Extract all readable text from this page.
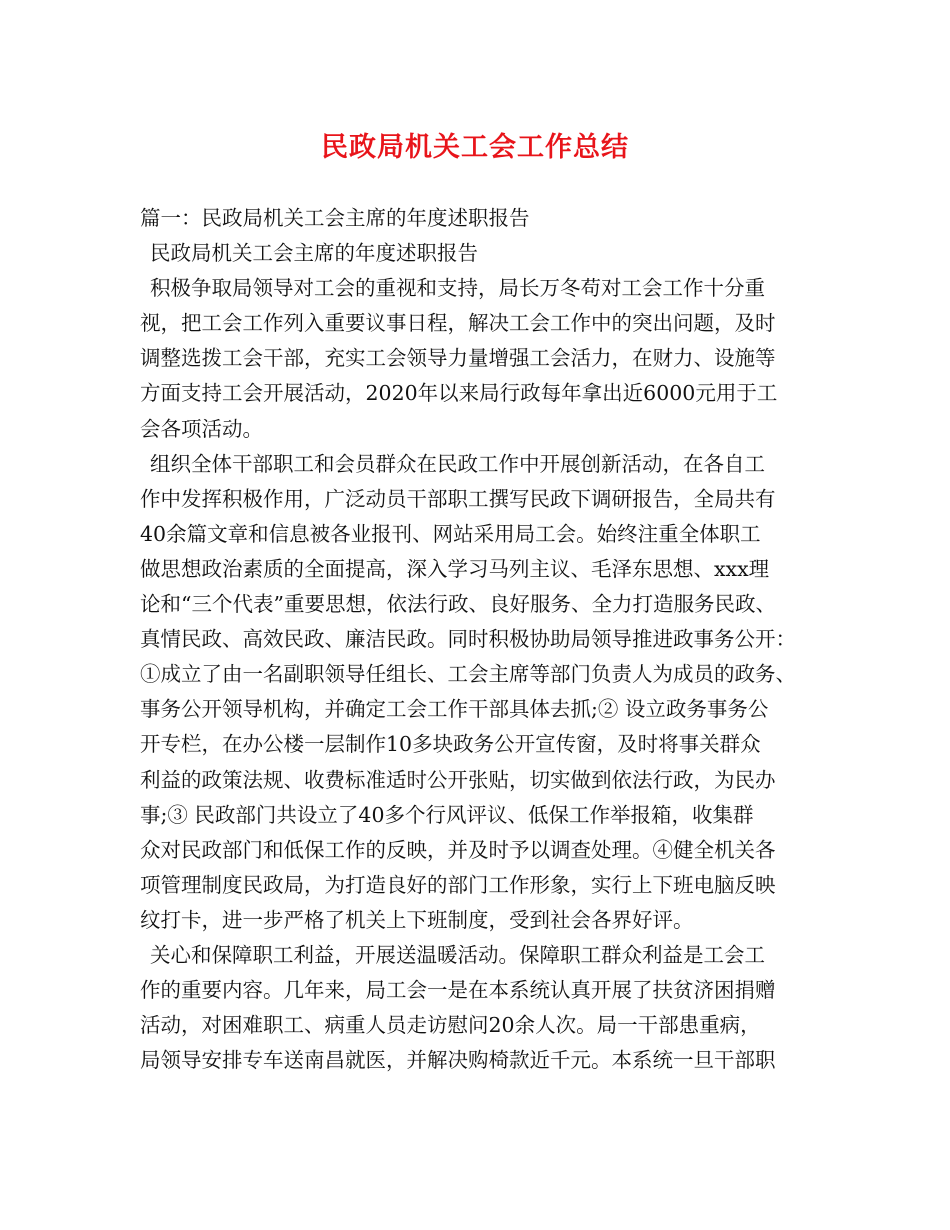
民政局机关工会工作总结
篇一：民政局机关工会主席的年度述职报告
民政局机关工会主席的年度述职报告
积极争取局领导对工会的重视和支持，局长万冬苟对工会工作十分重
视，把工会工作列入重要议事日程，解决工会工作中的突出问题，及时
调整选拨工会干部，充实工会领导力量增强工会活力，在财力、设施等
方面支持工会开展活动，2020年以来局行政每年拿出近6000元用于工
会各项活动。
组织全体干部职工和会员群众在民政工作中开展创新活动，在各自工
作中发挥积极作用，广泛动员干部职工撰写民政下调研报告，全局共有
40余篇文章和信息被各业报刊、网站采用局工会。始终注重全体职工
做思想政治素质的全面提高，深入学习马列主议、毛泽东思想、xxx理
论和“三个代表”重要思想，依法行政、良好服务、全力打造服务民政、
真情民政、高效民政、廉洁民政。同时积极协助局领导推进政事务公开：
①成立了由一名副职领导任组长、工会主席等部门负责人为成员的政务、
事务公开领导机构，并确定工会工作干部具体去抓;② 设立政务事务公
开专栏，在办公楼一层制作10多块政务公开宣传窗，及时将事关群众
利益的政策法规、收费标准适时公开张贴，切实做到依法行政，为民办
事;③ 民政部门共设立了40多个行风评议、低保工作举报箱，收集群
众对民政部门和低保工作的反映，并及时予以调查处理。④健全机关各
项管理制度民政局，为打造良好的部门工作形象，实行上下班电脑反映
纹打卡，进一步严格了机关上下班制度，受到社会各界好评。
关心和保障职工利益，开展送温暖活动。保障职工群众利益是工会工
作的重要内容。几年来，局工会一是在本系统认真开展了扶贫济困捐赠
活动，对困难职工、病重人员走访慰问20余人次。局一干部患重病，
局领导安排专车送南昌就医，并解决购椅款近千元。本系统一旦干部职
